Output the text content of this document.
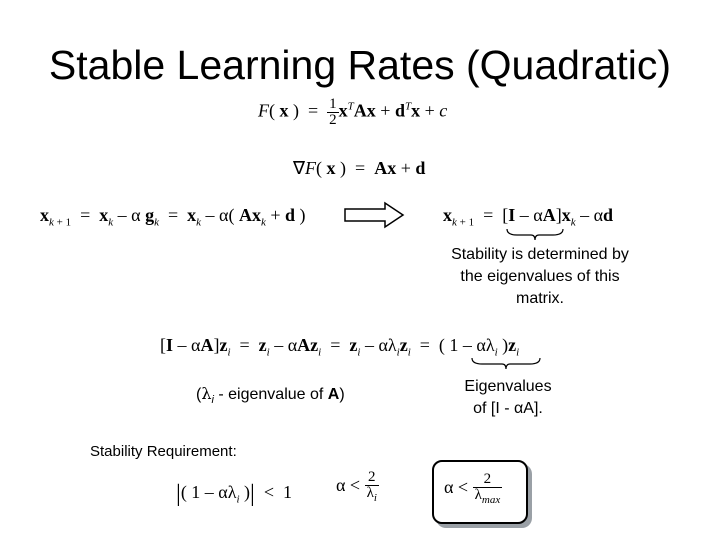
Stable Learning Rates (Quadratic)
F( x )  = $\frac{1}{2} x^TAx + d^Tx + c$
∇F( x )  =  Ax + d
$x_{k + 1} = x_k - \alpha$ $g_k = x_k - \alpha$( $Ax_k + d$ )	$x_{k + 1} = [I - \alpha A]x_k - \alpha d$
Stability is determined by the eigenvalues of this matrix.
$[I - \alpha A]z_i = z_i - \alpha Az_i = z_i - \alpha\lambda_iz_i$  =  ( $1 - \alpha\lambda_i$ )$z_i$
($\lambda_i$ - eigenvalue of A)	Eigenvalues
of [I - αA].
Stability Requirement:
|( $1 - \alpha\lambda_i$ )|  <  1 $\alpha < \frac{2}{\lambda_i}$	$\alpha < \frac{2}{\lambda_{max}}$
